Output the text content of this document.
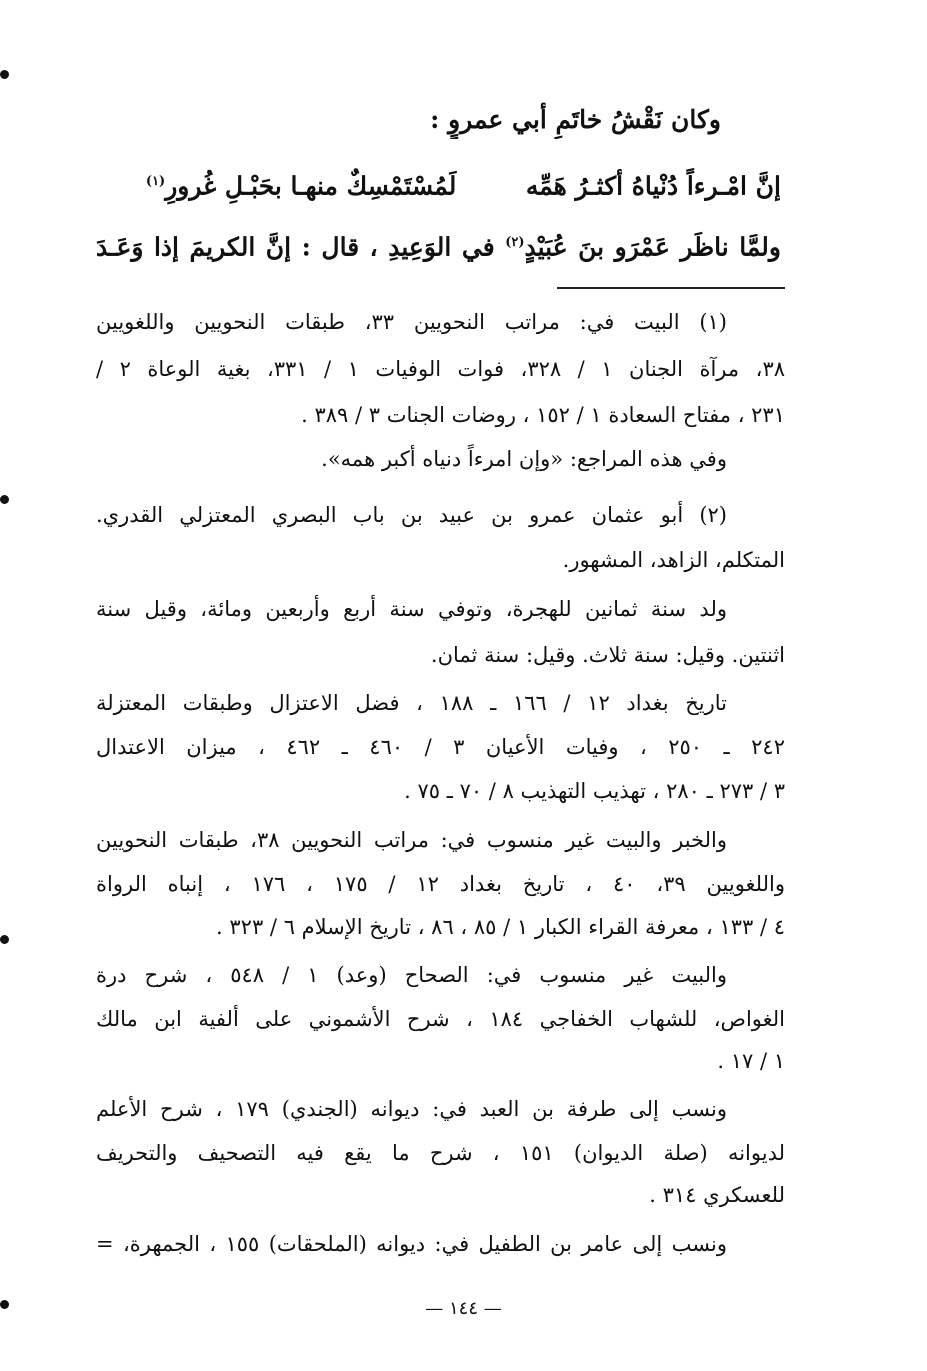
وكان نَقْشُ خاتَمِ أبي عمروٍ :
إنَّ امْـرءاً دُنْياهُ أكثـرُ هَمِّه  لَمُسْتَمْسِكٌ منهـا بحَبْـلِ غُرورِ$^{(١)}$
ولمَّا ناظَر عَمْرَو بنَ عُبَيْدٍ$^{(٢)}$ في الوَعِيدِ ، قال : إنَّ الكريمَ إذا وَعَـدَ
(١) البيت في: مراتب النحويين ٣٣، طبقات النحويين واللغويين
٣٨، مرآة الجنان ١ / ٣٢٨، فوات الوفيات ١ / ٣٣١، بغية الوعاة ٢ /
٢٣١ ، مفتاح السعادة ١ / ١٥٢ ، روضات الجنات ٣ / ٣٨٩ .
وفي هذه المراجع: «وإن امرءاً دنياه أكبر همه».
(٢) أبو عثمان عمرو بن عبيد بن باب البصري المعتزلي القدري.
المتكلم، الزاهد، المشهور.
ولد سنة ثمانين للهجرة، وتوفي سنة أربع وأربعين ومائة، وقيل سنة
اثنتين. وقيل: سنة ثلاث. وقيل: سنة ثمان.
تاريخ بغداد ١٢ / ١٦٦ ـ ١٨٨ ، فضل الاعتزال وطبقات المعتزلة
٢٤٢ ـ ٢٥٠ ، وفيات الأعيان ٣ / ٤٦٠ ـ ٤٦٢ ، ميزان الاعتدال
٣ / ٢٧٣ ـ ٢٨٠ ، تهذيب التهذيب ٨ / ٧٠ ـ ٧٥ .
والخبر والبيت غير منسوب في: مراتب النحويين ٣٨، طبقات النحويين
واللغويين ٣٩، ٤٠ ، تاريخ بغداد ١٢ / ١٧٥ ، ١٧٦ ، إنباه الرواة
٤ / ١٣٣ ، معرفة القراء الكبار ١ / ٨٥ ، ٨٦ ، تاريخ الإسلام ٦ / ٣٢٣ .
والبيت غير منسوب في: الصحاح (وعد) ١ / ٥٤٨ ، شرح درة
الغواص، للشهاب الخفاجي ١٨٤ ، شرح الأشموني على ألفية ابن مالك
١ / ١٧ .
ونسب إلى طرفة بن العبد في: ديوانه (الجندي) ١٧٩ ، شرح الأعلم
لديوانه (صلة الديوان) ١٥١ ، شرح ما يقع فيه التصحيف والتحريف
للعسكري ٣١٤ .
ونسب إلى عامر بن الطفيل في: ديوانه (الملحقات) ١٥٥ ، الجمهرة، =
— ١٤٤ —
